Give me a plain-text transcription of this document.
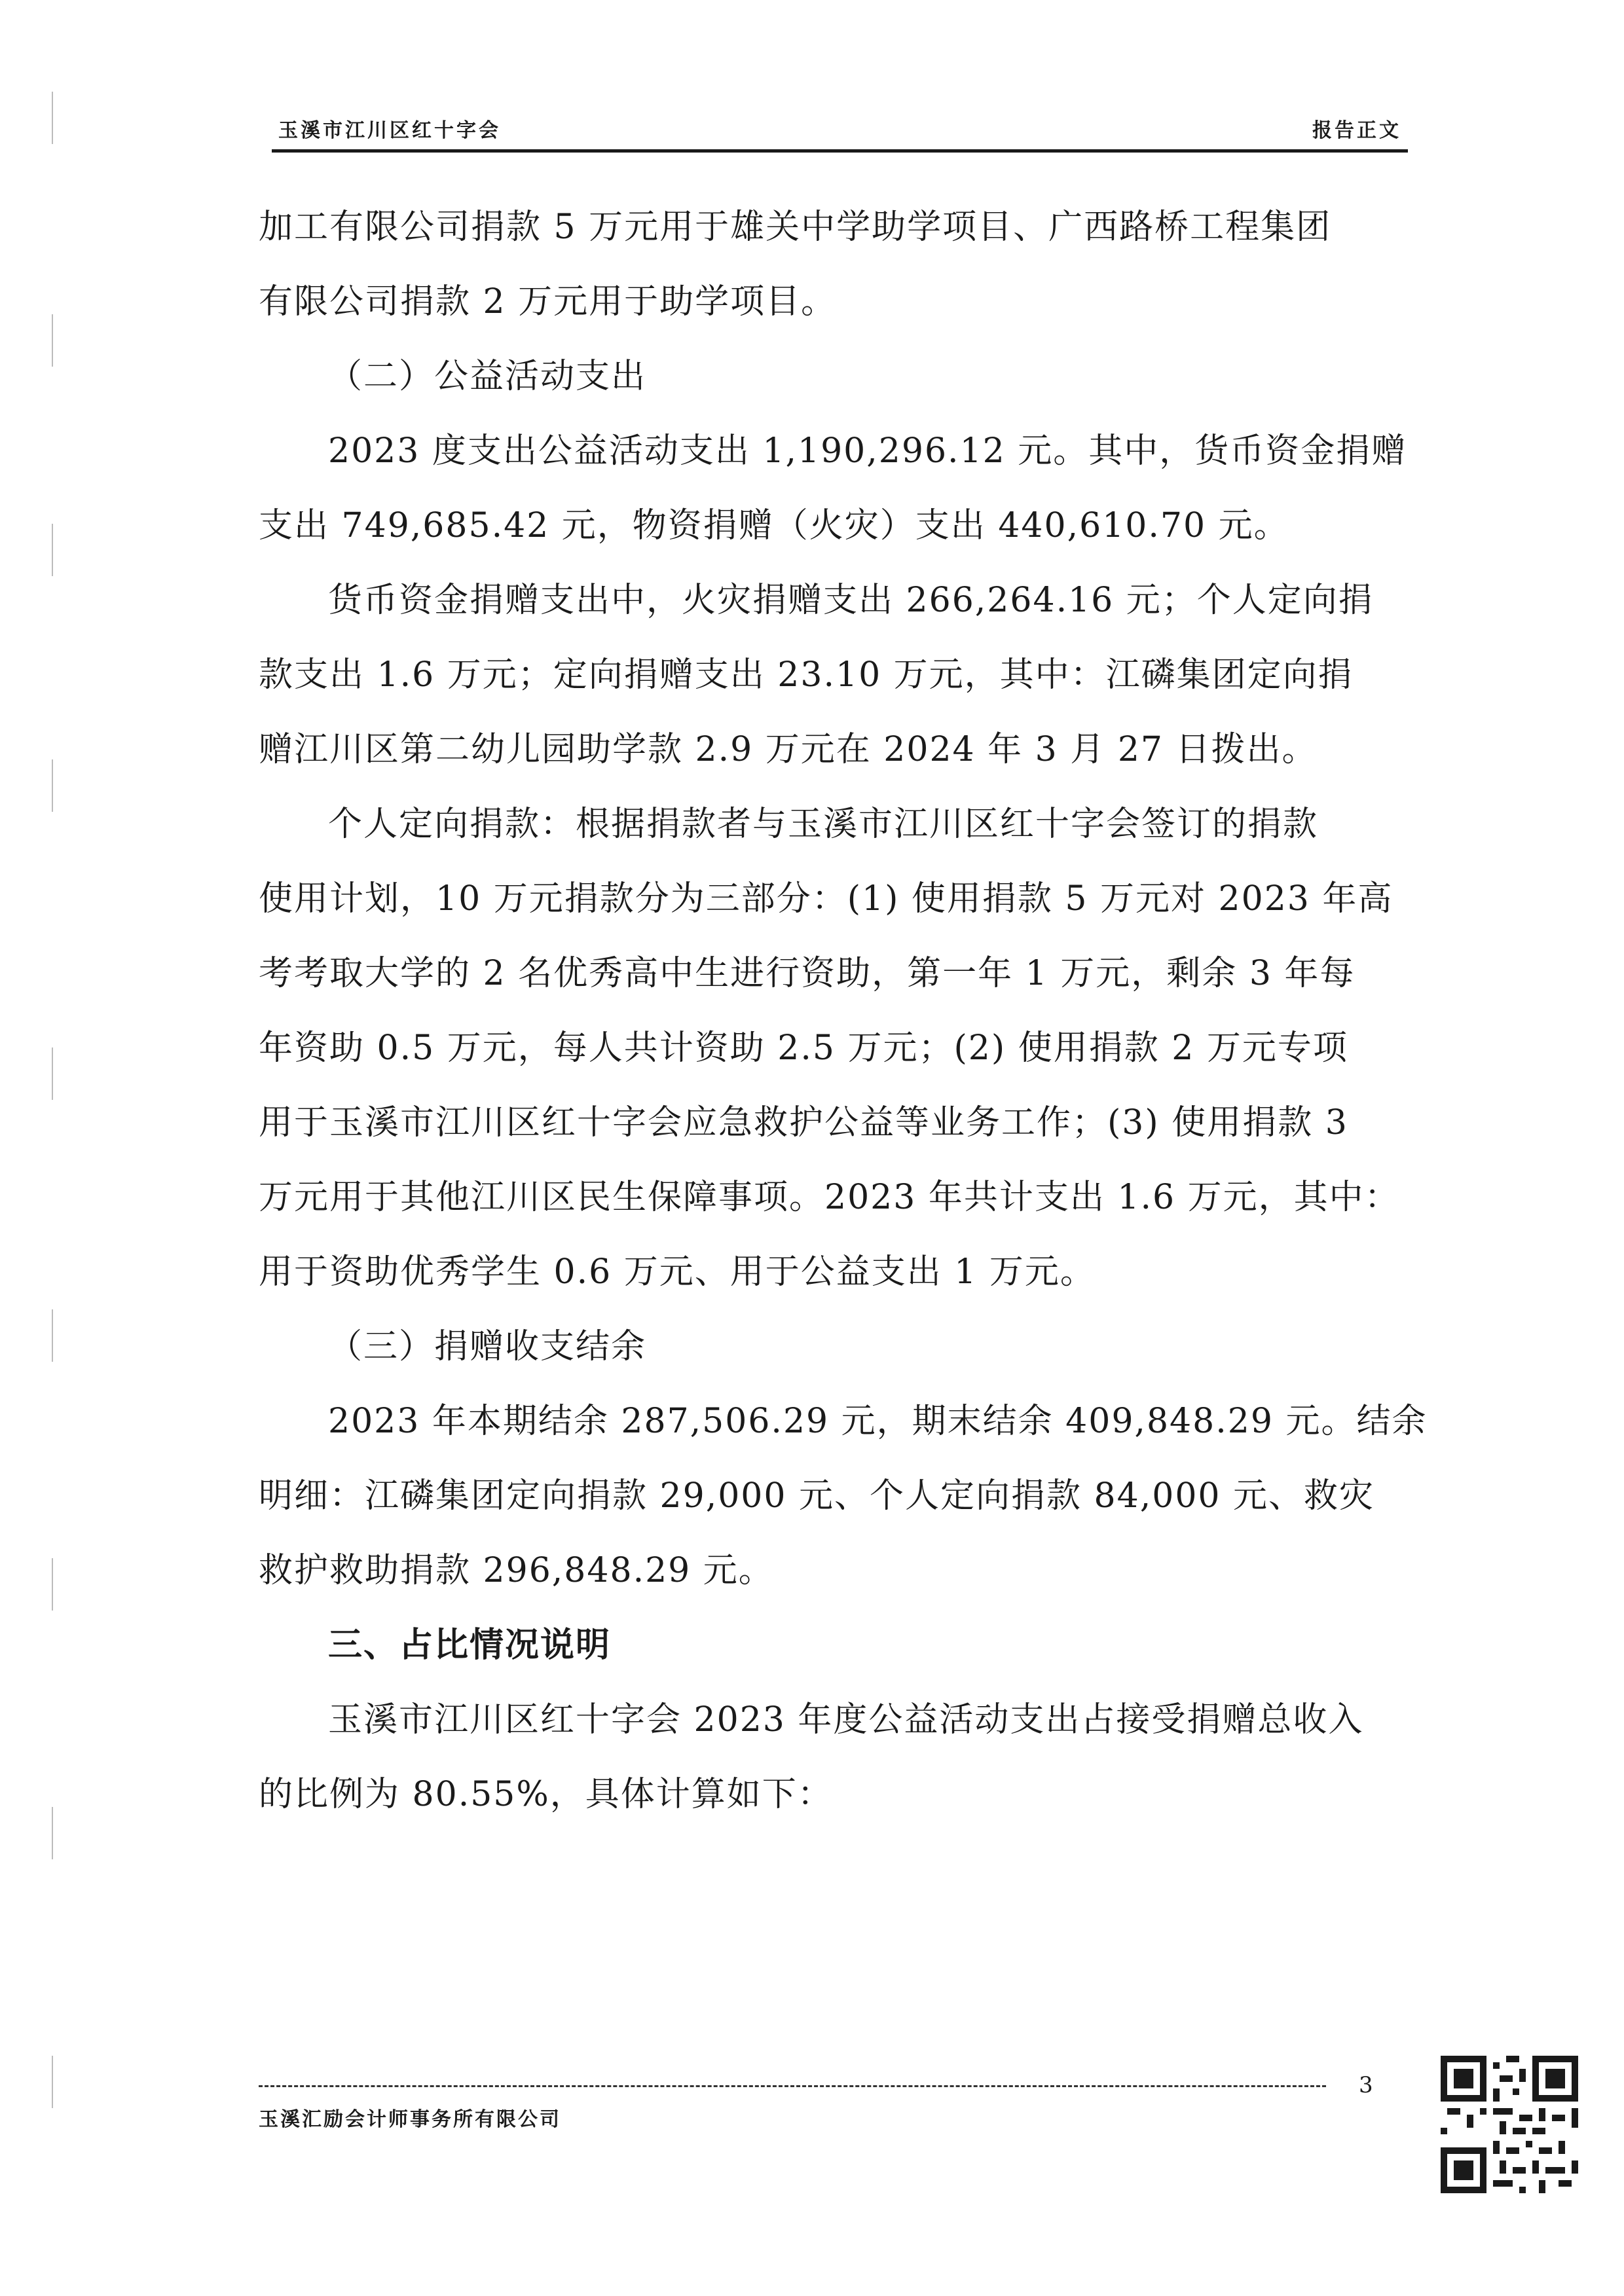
玉溪市江川区红十字会	报告正文

加工有限公司捐款 5 万元用于雄关中学助学项目、广西路桥工程集团

有限公司捐款 2 万元用于助学项目。

（二）公益活动支出

2023 度支出公益活动支出 1,190,296.12 元。其中，货币资金捐赠

支出 749,685.42 元，物资捐赠（火灾）支出 440,610.70 元。

货币资金捐赠支出中，火灾捐赠支出 266,264.16 元；个人定向捐

款支出 1.6 万元；定向捐赠支出 23.10 万元，其中：江磷集团定向捐

赠江川区第二幼儿园助学款 2.9 万元在 2024 年 3 月 27 日拨出。

个人定向捐款：根据捐款者与玉溪市江川区红十字会签订的捐款

使用计划，10 万元捐款分为三部分：(1) 使用捐款 5 万元对 2023 年高

考考取大学的 2 名优秀高中生进行资助，第一年 1 万元，剩余 3 年每

年资助 0.5 万元，每人共计资助 2.5 万元；(2) 使用捐款 2 万元专项

用于玉溪市江川区红十字会应急救护公益等业务工作；(3) 使用捐款 3

万元用于其他江川区民生保障事项。2023 年共计支出 1.6 万元，其中：

用于资助优秀学生 0.6 万元、用于公益支出 1 万元。

（三）捐赠收支结余

2023 年本期结余 287,506.29 元，期末结余 409,848.29 元。结余

明细：江磷集团定向捐款 29,000 元、个人定向捐款 84,000 元、救灾

救护救助捐款 296,848.29 元。

三、占比情况说明

玉溪市江川区红十字会 2023 年度公益活动支出占接受捐赠总收入

的比例为 80.55%，具体计算如下：

3
玉溪汇励会计师事务所有限公司
